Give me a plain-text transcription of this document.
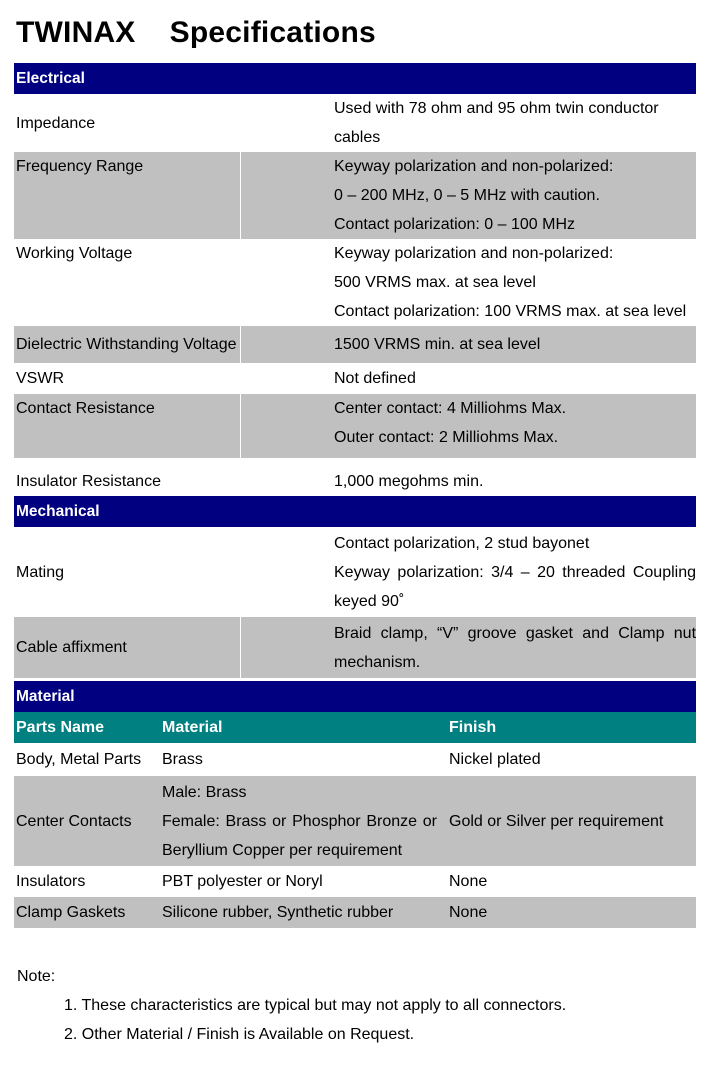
TWINAX    Specifications
Electrical		
Impedance		Used with 78 ohm and 95 ohm twin conductor
cables

Frequency Range		Keyway polarization and non-polarized:
0 – 200 MHz, 0 – 5 MHz with caution.
Contact polarization: 0 – 100 MHz

Working Voltage		Keyway polarization and non-polarized:
500 VRMS max. at sea level
Contact polarization: 100 VRMS max. at sea level

Dielectric Withstanding Voltage		1500 VRMS min. at sea level

VSWR		Not defined

Contact Resistance		Center contact: 4 Milliohms Max.
Outer contact: 2 Milliohms Max.

Insulator Resistance		1,000 megohms min.

Mechanical		
Mating		Contact polarization, 2 stud bayonet
Keyway polarization: 3/4 – 20 threaded Coupling
keyed 90˚

Cable affixment		Braid clamp, “V” groove gasket and Clamp nut
mechanism.

Material		
Parts Name	Material	Finish
Body, Metal Parts	Brass	Nickel plated
Center Contacts	Male: Brass
Female: Brass or Phosphor Bronze or
Beryllium Copper per requirement	Gold or Silver per requirement
Insulators	PBT polyester or Noryl	None
Clamp Gaskets	Silicone rubber, Synthetic rubber	None
Note:
1. These characteristics are typical but may not apply to all connectors.
2. Other Material / Finish is Available on Request.
